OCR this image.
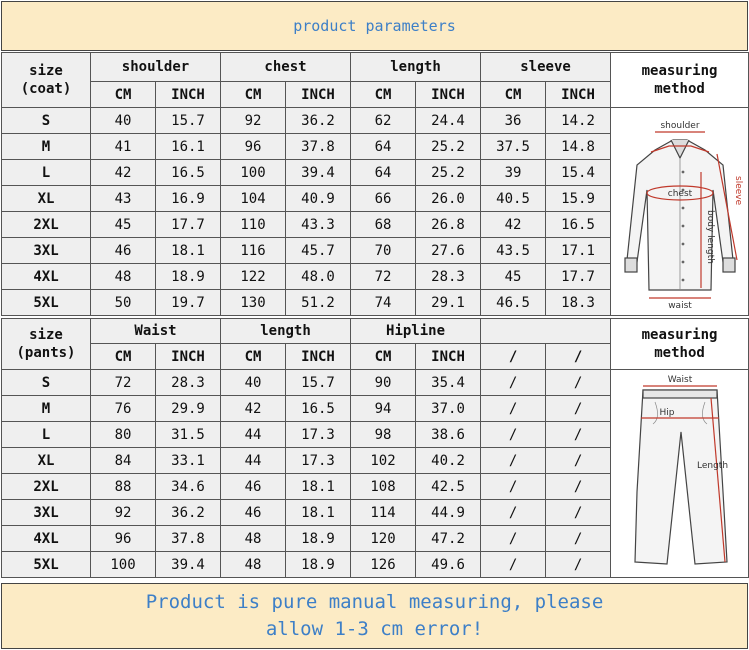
product parameters
size
(coat)	shoulder		chest		length		sleeve		measuring
method
	CM	INCH	CM	INCH	CM	INCH	CM	INCH	
S	40	15.7	92	36.2	62	24.4	36	14.2	shoulder
chest
waist
sleeve
body length

M	41	16.1	96	37.8	64	25.2	37.5	14.8	
L	42	16.5	100	39.4	64	25.2	39	15.4	
XL	43	16.9	104	40.9	66	26.0	40.5	15.9	
2XL	45	17.7	110	43.3	68	26.8	42	16.5	
3XL	46	18.1	116	45.7	70	27.6	43.5	17.1	
4XL	48	18.9	122	48.0	72	28.3	45	17.7	
5XL	50	19.7	130	51.2	74	29.1	46.5	18.3	
size
(pants)	Waist		length		Hipline				measuring
method
	CM	INCH	CM	INCH	CM	INCH	/	/	
S	72	28.3	40	15.7	90	35.4	/	/	Waist
Hip
Length

M	76	29.9	42	16.5	94	37.0	/	/	
L	80	31.5	44	17.3	98	38.6	/	/	
XL	84	33.1	44	17.3	102	40.2	/	/	
2XL	88	34.6	46	18.1	108	42.5	/	/	
3XL	92	36.2	46	18.1	114	44.9	/	/	
4XL	96	37.8	48	18.9	120	47.2	/	/	
5XL	100	39.4	48	18.9	126	49.6	/	/	
Product is pure manual measuring, please
allow 1-3 cm error!
